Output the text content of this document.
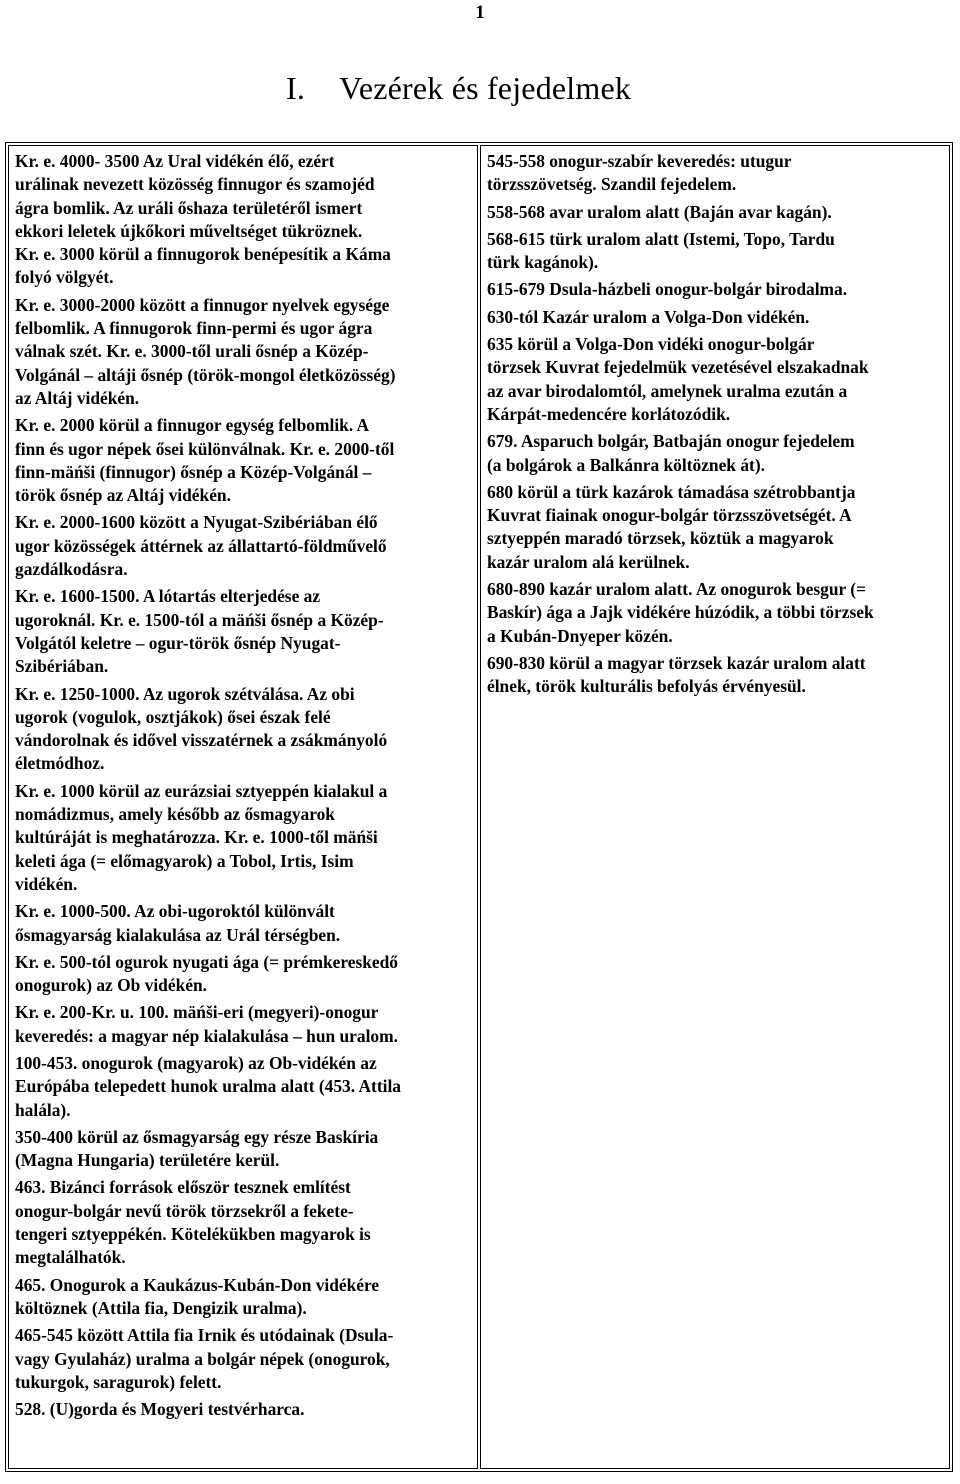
1
I. Vezérek és fejedelmek

Kr. e. 4000- 3500 Az Ural vidékén élő, ezért
urálinak nevezett közösség finnugor és szamojéd
ágra bomlik. Az uráli őshaza területéről ismert
ekkori leletek újkőkori műveltséget tükröznek.
Kr. e. 3000 körül a finnugorok benépesítik a Káma
folyó völgyét.

Kr. e. 3000-2000 között a finnugor nyelvek egysége
felbomlik. A finnugorok finn-permi és ugor ágra
válnak szét. Kr. e. 3000-től urali ősnép a Közép-
Volgánál – altáji ősnép (török-mongol életközösség)
az Altáj vidékén.

Kr. e. 2000 körül a finnugor egység felbomlik. A
finn és ugor népek ősei különválnak. Kr. e. 2000-től
finn-mäńši (finnugor) ősnép a Közép-Volgánál –
török ősnép az Altáj vidékén.

Kr. e. 2000-1600 között a Nyugat-Szibériában élő
ugor közösségek áttérnek az állattartó-földművelő
gazdálkodásra.

Kr. e. 1600-1500. A lótartás elterjedése az
ugoroknál. Kr. e. 1500-tól a mäńši ősnép a Közép-
Volgától keletre – ogur-török ősnép Nyugat-
Szibériában.

Kr. e. 1250-1000. Az ugorok szétválása. Az obi
ugorok (vogulok, osztjákok) ősei észak felé
vándorolnak és idővel visszatérnek a zsákmányoló
életmódhoz.

Kr. e. 1000 körül az eurázsiai sztyeppén kialakul a
nomádizmus, amely később az ősmagyarok
kultúráját is meghatározza. Kr. e. 1000-től mäńši
keleti ága (= előmagyarok) a Tobol, Irtis, Isim
vidékén.

Kr. e. 1000-500. Az obi-ugoroktól különvált
ősmagyarság kialakulása az Urál térségben.

Kr. e. 500-tól ogurok nyugati ága (= prémkereskedő
onogurok) az Ob vidékén.

Kr. e. 200-Kr. u. 100. mäńši-eri (megyeri)-onogur
keveredés: a magyar nép kialakulása – hun uralom.

100-453. onogurok (magyarok) az Ob-vidékén az
Európába telepedett hunok uralma alatt (453. Attila
halála).

350-400 körül az ősmagyarság egy része Baskíria
(Magna Hungaria) területére kerül.

463. Bizánci források először tesznek említést
onogur-bolgár nevű török törzsekről a fekete-
tengeri sztyeppékén. Kötelékükben magyarok is
megtalálhatók.

465. Onogurok a Kaukázus-Kubán-Don vidékére
költöznek (Attila fia, Dengizik uralma).

465-545 között Attila fia Irnik és utódainak (Dsula-
vagy Gyulaház) uralma a bolgár népek (onogurok,
tukurgok, saragurok) felett.

528. (U)gorda és Mogyeri testvérharca.

545-558 onogur-szabír keveredés: utugur
törzsszövetség. Szandil fejedelem.

558-568 avar uralom alatt (Baján avar kagán).

568-615 türk uralom alatt (Istemi, Topo, Tardu
türk kagánok).

615-679 Dsula-házbeli onogur-bolgár birodalma.

630-tól Kazár uralom a Volga-Don vidékén.

635 körül a Volga-Don vidéki onogur-bolgár
törzsek Kuvrat fejedelmük vezetésével elszakadnak
az avar birodalomtól, amelynek uralma ezután a
Kárpát-medencére korlátozódik.

679. Asparuch bolgár, Batbaján onogur fejedelem
(a bolgárok a Balkánra költöznek át).

680 körül a türk kazárok támadása szétrobbantja
Kuvrat fiainak onogur-bolgár törzsszövetségét. A
sztyeppén maradó törzsek, köztük a magyarok
kazár uralom alá kerülnek.

680-890 kazár uralom alatt. Az onogurok besgur (=
Baskír) ága a Jajk vidékére húzódik, a többi törzsek
a Kubán-Dnyeper közén.

690-830 körül a magyar törzsek kazár uralom alatt
élnek, török kulturális befolyás érvényesül.
